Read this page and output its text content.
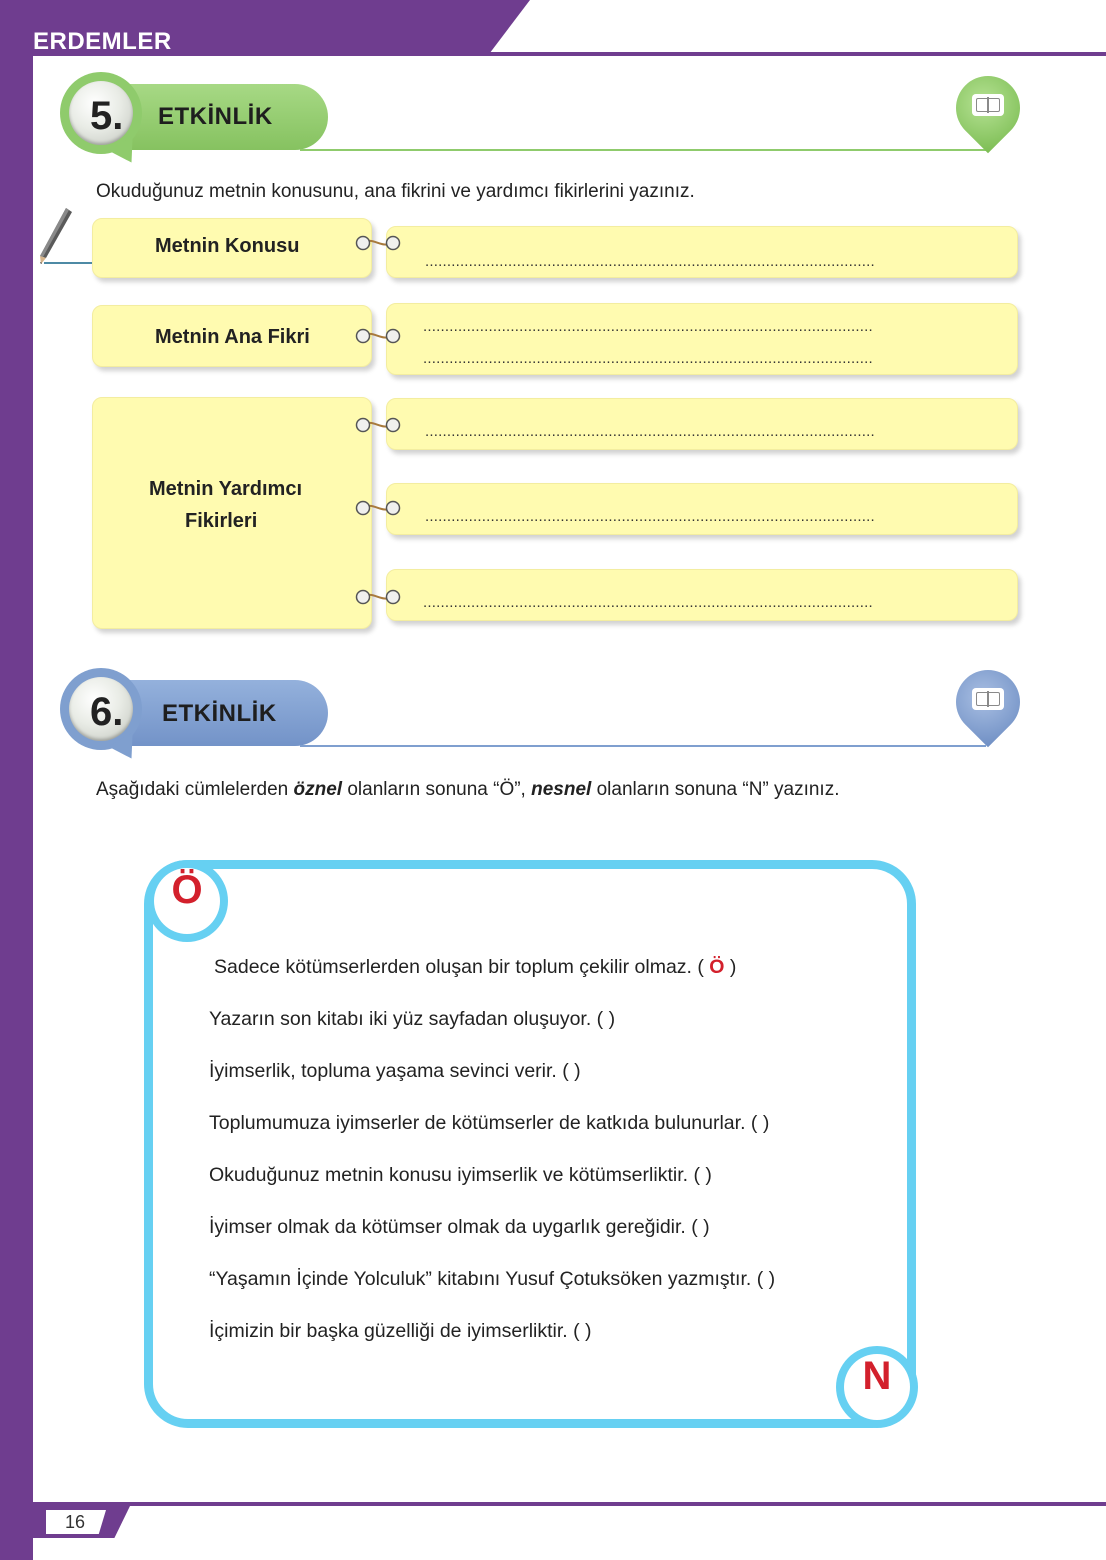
ERDEMLER
ETKİNLİK
5.
Okuduğunuz metnin konusunu, ana fikrini ve yardımcı fikirlerini yazınız.
Metnin Konusu
Metnin Ana Fikri
Metnin Yardımcı
Fikirleri
.......................................................................................................
.......................................................................................................
.......................................................................................................
.......................................................................................................
.......................................................................................................
.......................................................................................................
ETKİNLİK
6.
Aşağıdaki cümlelerden öznel olanların sonuna “Ö”, nesnel olanların sonuna “N” yazınız.
Ö
N
Sadece kötümserlerden oluşan bir toplum çekilir olmaz. ( Ö )
Yazarın son kitabı iki yüz sayfadan oluşuyor. ( )
İyimserlik, topluma yaşama sevinci verir. ( )
Toplumumuza iyimserler de kötümserler de katkıda bulunurlar. ( )
Okuduğunuz metnin konusu iyimserlik ve kötümserliktir. ( )
İyimser olmak da kötümser olmak da uygarlık gereğidir. ( )
“Yaşamın İçinde Yolculuk” kitabını Yusuf Çotuksöken yazmıştır. ( )
İçimizin bir başka güzelliği de iyimserliktir. ( )
16
